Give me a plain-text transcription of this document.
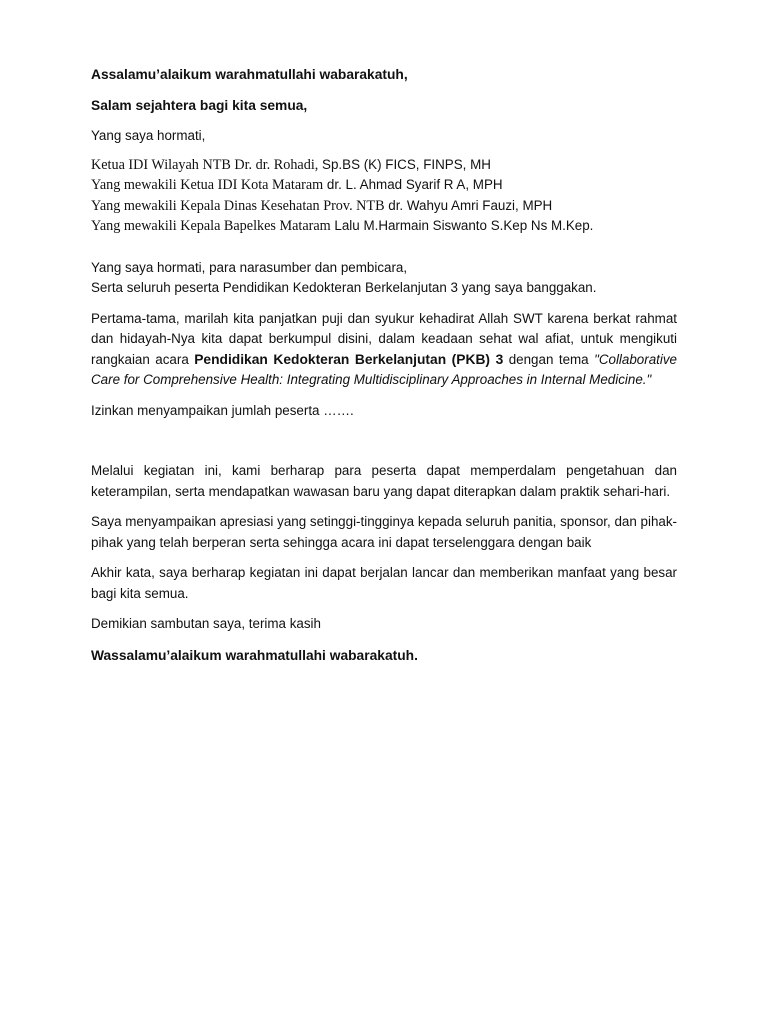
Assalamu’alaikum warahmatullahi wabarakatuh,

Salam sejahtera bagi kita semua,

Yang saya hormati,

Ketua IDI Wilayah NTB Dr. dr. Rohadi, Sp.BS (K) FICS, FINPS, MH

Yang mewakili Ketua IDI Kota Mataram dr. L. Ahmad Syarif R A, MPH

Yang mewakili Kepala Dinas Kesehatan Prov. NTB dr. Wahyu Amri Fauzi, MPH

Yang mewakili Kepala Bapelkes Mataram Lalu M.Harmain Siswanto S.Kep Ns M.Kep.

Yang saya hormati, para narasumber dan pembicara,

Serta seluruh peserta Pendidikan Kedokteran Berkelanjutan 3 yang saya banggakan.

Pertama-tama, marilah kita panjatkan puji dan syukur kehadirat Allah SWT karena berkat rahmat dan hidayah-Nya kita dapat berkumpul disini, dalam keadaan sehat wal afiat, untuk mengikuti rangkaian acara Pendidikan Kedokteran Berkelanjutan (PKB) 3 dengan tema "Collaborative Care for Comprehensive Health: Integrating Multidisciplinary Approaches in Internal Medicine."

Izinkan menyampaikan jumlah peserta …….

Melalui kegiatan ini, kami berharap para peserta dapat memperdalam pengetahuan dan keterampilan, serta mendapatkan wawasan baru yang dapat diterapkan dalam praktik sehari-hari.

Saya menyampaikan apresiasi yang setinggi-tingginya kepada seluruh panitia, sponsor, dan pihak-pihak yang telah berperan serta sehingga acara ini dapat terselenggara dengan baik

Akhir kata, saya berharap kegiatan ini dapat berjalan lancar dan memberikan manfaat yang besar bagi kita semua.

Demikian sambutan saya, terima kasih

Wassalamu’alaikum warahmatullahi wabarakatuh.
